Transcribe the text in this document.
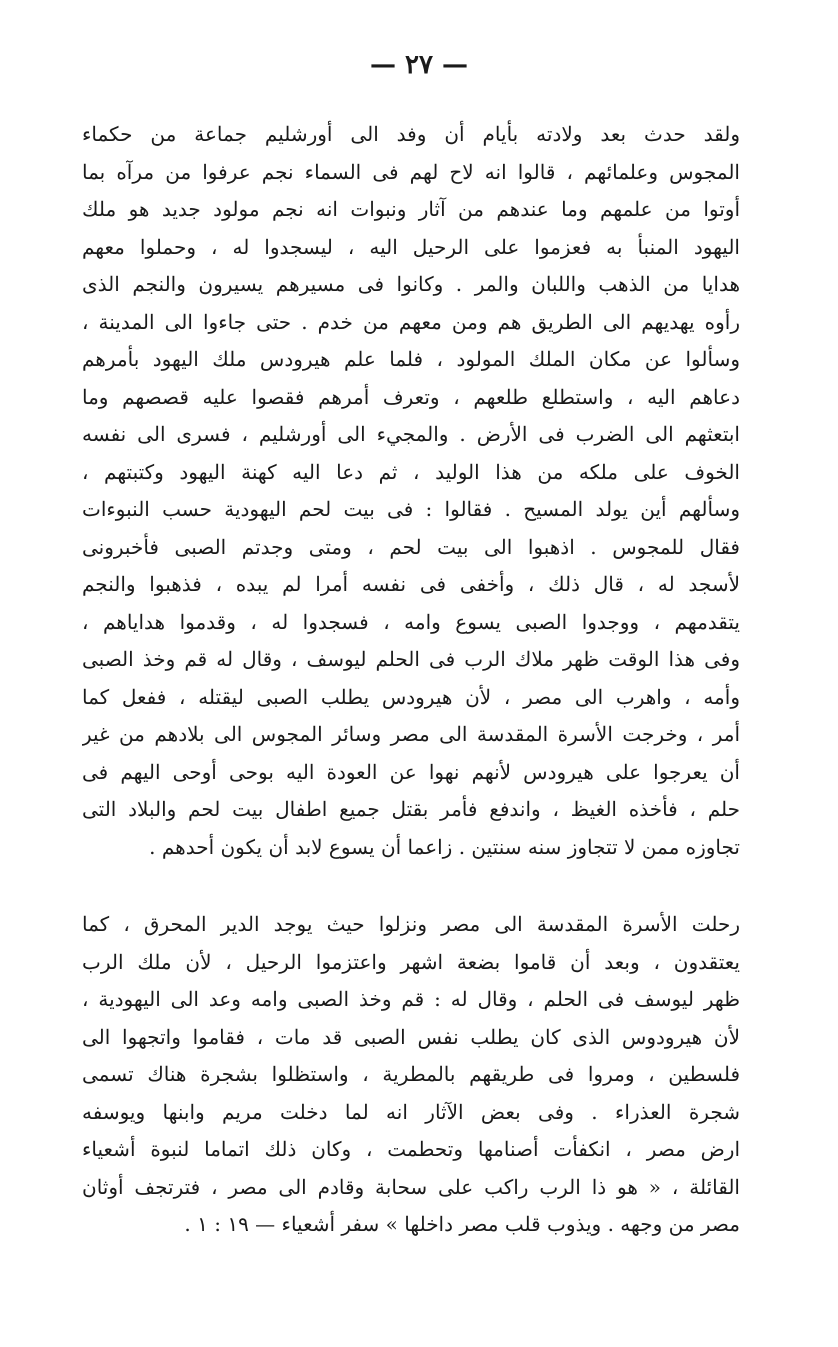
— ٢٧ —
ولقد حدث بعد ولادته بأيام أن وفد الى أورشليم جماعة من حكماء
المجوس وعلمائهم ، قالوا انه لاح لهم فى السماء نجم عرفوا من مرآه بما
أوتوا من علمهم وما عندهم من آثار ونبوات انه نجم مولود جديد هو ملك
اليهود المنبأ به فعزموا على الرحيل اليه ، ليسجدوا له ، وحملوا معهم
هدايا من الذهب واللبان والمر . وكانوا فى مسيرهم يسيرون والنجم الذى
رأوه يهديهم الى الطريق هم ومن معهم من خدم . حتى جاءوا الى المدينة ،
وسألوا عن مكان الملك المولود ، فلما علم هيرودس ملك اليهود بأمرهم
دعاهم اليه ، واستطلع طلعهم ، وتعرف أمرهم فقصوا عليه قصصهم وما
ابتعثهم الى الضرب فى الأرض . والمجيء الى أورشليم ، فسرى الى نفسه
الخوف على ملكه من هذا الوليد ، ثم دعا اليه كهنة اليهود وكتبتهم ،
وسألهم أين يولد المسيح . فقالوا : فى بيت لحم اليهودية حسب النبوءات
فقال للمجوس . اذهبوا الى بيت لحم ، ومتى وجدتم الصبى فأخبرونى
لأسجد له ، قال ذلك ، وأخفى فى نفسه أمرا لم يبده ، فذهبوا والنجم
يتقدمهم ، ووجدوا الصبى يسوع وامه ، فسجدوا له ، وقدموا هداياهم ،
وفى هذا الوقت ظهر ملاك الرب فى الحلم ليوسف ، وقال له قم وخذ الصبى
وأمه ، واهرب الى مصر ، لأن هيرودس يطلب الصبى ليقتله ، ففعل كما
أمر ، وخرجت الأسرة المقدسة الى مصر وسائر المجوس الى بلادهم من غير
أن يعرجوا على هيرودس لأنهم نهوا عن العودة اليه بوحى أوحى اليهم فى
حلم ، فأخذه الغيظ ، واندفع فأمر بقتل جميع اطفال بيت لحم والبلاد التى
تجاوزه ممن لا تتجاوز سنه سنتين . زاعما أن يسوع لابد أن يكون أحدهم .
رحلت الأسرة المقدسة الى مصر ونزلوا حيث يوجد الدير المحرق ، كما
يعتقدون ، وبعد أن قاموا بضعة اشهر واعتزموا الرحيل ، لأن ملك الرب
ظهر ليوسف فى الحلم ، وقال له : قم وخذ الصبى وامه وعد الى اليهودية ،
لأن هيرودوس الذى كان يطلب نفس الصبى قد مات ، فقاموا واتجهوا الى
فلسطين ، ومروا فى طريقهم بالمطرية ، واستظلوا بشجرة هناك تسمى
شجرة العذراء . وفى بعض الآثار انه لما دخلت مريم وابنها ويوسفه
ارض مصر ، انكفأت أصنامها وتحطمت ، وكان ذلك اتماما لنبوة أشعياء
القائلة ، « هو ذا الرب راكب على سحابة وقادم الى مصر ، فترتجف أوثان
مصر من وجهه . ويذوب قلب مصر داخلها » سفر أشعياء — ١٩ : ١ .
